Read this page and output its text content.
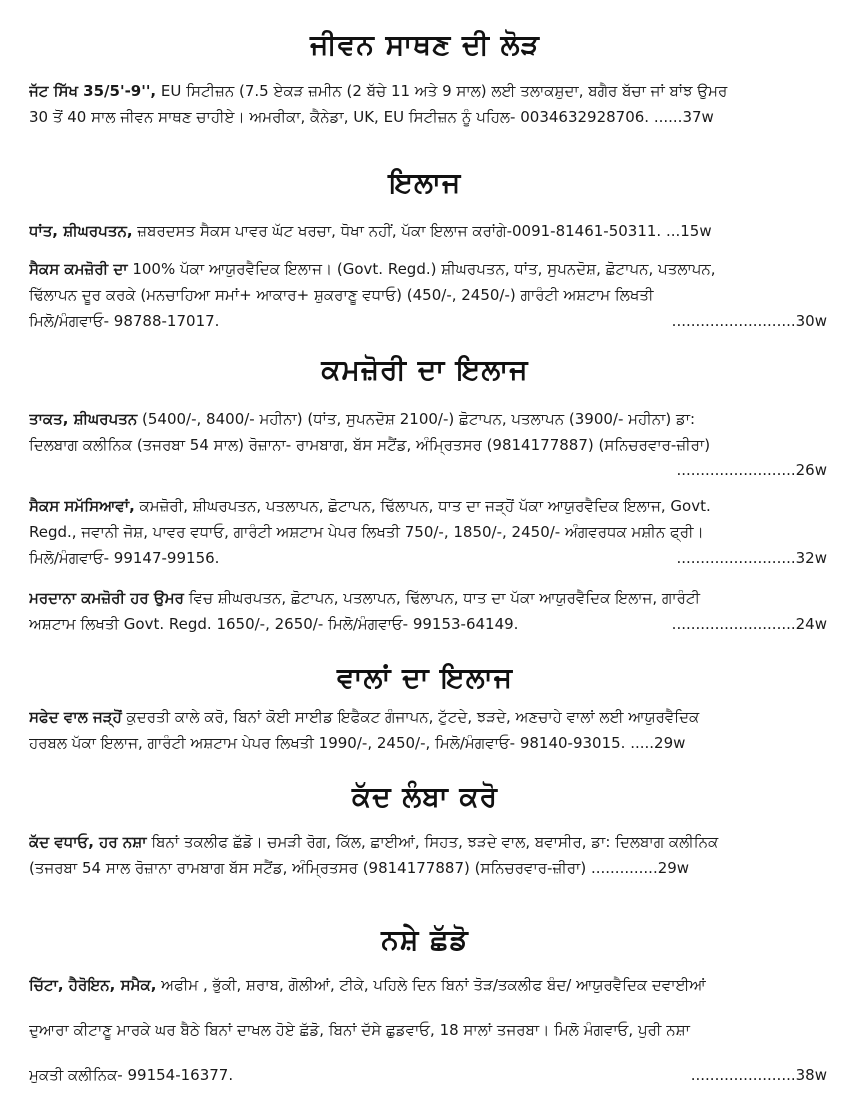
ਜੀਵਨ ਸਾਥਣ ਦੀ ਲੋੜ
ਜੱਟ ਸਿੱਖ 35/5'-9'', EU ਸਿਟੀਜ਼ਨ (7.5 ਏਕੜ ਜ਼ਮੀਨ (2 ਬੱਚੇ 11 ਅਤੇ 9 ਸਾਲ) ਲਈ ਤਲਾਕਸ਼ੁਦਾ, ਬਗੈਰ ਬੱਚਾ ਜਾਂ ਬਾਂਝ ਉਮਰ
30 ਤੋਂ 40 ਸਾਲ ਜੀਵਨ ਸਾਥਣ ਚਾਹੀਏ। ਅਮਰੀਕਾ, ਕੈਨੇਡਾ, UK, EU ਸਿਟੀਜ਼ਨ ਨੂੰ ਪਹਿਲ- 0034632928706. ......37w
ਇਲਾਜ
ਧਾਂਤ, ਸ਼ੀਘਰਪਤਨ, ਜ਼ਬਰਦਸਤ ਸੈਕਸ ਪਾਵਰ ਘੱਟ ਖਰਚਾ, ਧੋਖਾ ਨਹੀਂ, ਪੱਕਾ ਇਲਾਜ ਕਰਾਂਗੇ-0091-81461-50311. ...15w
ਸੈਕਸ ਕਮਜ਼ੋਰੀ ਦਾ 100% ਪੱਕਾ ਆਯੁਰਵੈਦਿਕ ਇਲਾਜ। (Govt. Regd.) ਸ਼ੀਘਰਪਤਨ, ਧਾਂਤ, ਸੁਪਨਦੋਸ਼, ਛੋਟਾਪਨ, ਪਤਲਾਪਨ,
ਢਿੱਲਾਪਨ ਦੂਰ ਕਰਕੇ (ਮਨਚਾਹਿਆ ਸਮਾਂ+ ਆਕਾਰ+ ਸ਼ੁਕਰਾਣੂ ਵਧਾਓ) (450/-, 2450/-) ਗਾਰੰਟੀ ਅਸ਼ਟਾਮ ਲਿਖਤੀ
ਮਿਲੋ/ਮੰਗਵਾਓ- 98788-17017.	..........................30w
ਕਮਜ਼ੋਰੀ ਦਾ ਇਲਾਜ
ਤਾਕਤ, ਸ਼ੀਘਰਪਤਨ (5400/-, 8400/- ਮਹੀਨਾ) (ਧਾਂਤ, ਸੁਪਨਦੋਸ਼ 2100/-) ਛੋਟਾਪਨ, ਪਤਲਾਪਨ (3900/- ਮਹੀਨਾ) ਡਾ:
ਦਿਲਬਾਗ ਕਲੀਨਿਕ (ਤਜਰਬਾ 54 ਸਾਲ) ਰੋਜ਼ਾਨਾ- ਰਾਮਬਾਗ, ਬੱਸ ਸਟੈਂਡ, ਅੰਮ੍ਰਿਤਸਰ (9814177887) (ਸਨਿਚਰਵਾਰ-ਜ਼ੀਰਾ)
.........................26w
ਸੈਕਸ ਸਮੱਸਿਆਵਾਂ, ਕਮਜ਼ੋਰੀ, ਸ਼ੀਘਰਪਤਨ, ਪਤਲਾਪਨ, ਛੋਟਾਪਨ, ਢਿੱਲਾਪਨ, ਧਾਤ ਦਾ ਜੜ੍ਹੋਂ ਪੱਕਾ ਆਯੁਰਵੈਦਿਕ ਇਲਾਜ, Govt.
Regd., ਜਵਾਨੀ ਜੋਸ਼, ਪਾਵਰ ਵਧਾਓ, ਗਾਰੰਟੀ ਅਸ਼ਟਾਮ ਪੇਪਰ ਲਿਖਤੀ 750/-, 1850/-, 2450/- ਅੰਗਵਰਧਕ ਮਸ਼ੀਨ ਫ੍ਰੀ।
ਮਿਲੋ/ਮੰਗਵਾਓ- 99147-99156.	.........................32w
ਮਰਦਾਨਾ ਕਮਜ਼ੋਰੀ ਹਰ ਉਮਰ ਵਿਚ ਸ਼ੀਘਰਪਤਨ, ਛੋਟਾਪਨ, ਪਤਲਾਪਨ, ਢਿੱਲਾਪਨ, ਧਾਤ ਦਾ ਪੱਕਾ ਆਯੁਰਵੈਦਿਕ ਇਲਾਜ, ਗਾਰੰਟੀ
ਅਸ਼ਟਾਮ ਲਿਖਤੀ Govt. Regd. 1650/-, 2650/- ਮਿਲੋ/ਮੰਗਵਾਓ- 99153-64149.	..........................24w
ਵਾਲਾਂ ਦਾ ਇਲਾਜ
ਸਫੇਦ ਵਾਲ ਜੜ੍ਹੋਂ ਕੁਦਰਤੀ ਕਾਲੇ ਕਰੋ, ਬਿਨਾਂ ਕੋਈ ਸਾਈਡ ਇਫੈਕਟ ਗੰਜਾਪਨ, ਟੁੱਟਦੇ, ਝੜਦੇ, ਅਣਚਾਹੇ ਵਾਲਾਂ ਲਈ ਆਯੁਰਵੈਦਿਕ
ਹਰਬਲ ਪੱਕਾ ਇਲਾਜ, ਗਾਰੰਟੀ ਅਸ਼ਟਾਮ ਪੇਪਰ ਲਿਖਤੀ 1990/-, 2450/-, ਮਿਲੋ/ਮੰਗਵਾਓ- 98140-93015. .....29w
ਕੱਦ ਲੰਬਾ ਕਰੋ
ਕੱਦ ਵਧਾਓ, ਹਰ ਨਸ਼ਾ ਬਿਨਾਂ ਤਕਲੀਫ ਛੱਡੋ। ਚਮੜੀ ਰੋਗ, ਕਿੱਲ, ਛਾਈਆਂ, ਸਿਹਤ, ਝੜਦੇ ਵਾਲ, ਬਵਾਸੀਰ, ਡਾ: ਦਿਲਬਾਗ ਕਲੀਨਿਕ
(ਤਜਰਬਾ 54 ਸਾਲ ਰੋਜ਼ਾਨਾ ਰਾਮਬਾਗ ਬੱਸ ਸਟੈਂਡ, ਅੰਮ੍ਰਿਤਸਰ (9814177887) (ਸਨਿਚਰਵਾਰ-ਜ਼ੀਰਾ) ..............29w
ਨਸ਼ੇ ਛੱਡੋ
ਚਿੱਟਾ, ਹੈਰੋਇਨ, ਸਮੈਕ, ਅਫੀਮ , ਭੁੱਕੀ, ਸ਼ਰਾਬ, ਗੋਲੀਆਂ, ਟੀਕੇ, ਪਹਿਲੇ ਦਿਨ ਬਿਨਾਂ ਤੋੜ/ਤਕਲੀਫ ਬੰਦ/ ਆਯੁਰਵੈਦਿਕ ਦਵਾਈਆਂ
ਦੁਆਰਾ ਕੀਟਾਣੂ ਮਾਰਕੇ ਘਰ ਬੈਠੇ ਬਿਨਾਂ ਦਾਖਲ ਹੋਏ ਛੱਡੋ, ਬਿਨਾਂ ਦੱਸੇ ਛੁਡਵਾਓ, 18 ਸਾਲਾਂ ਤਜਰਬਾ। ਮਿਲੋ ਮੰਗਵਾਓ, ਪੁਰੀ ਨਸ਼ਾ
ਮੁਕਤੀ ਕਲੀਨਿਕ- 99154-16377.	......................38w
